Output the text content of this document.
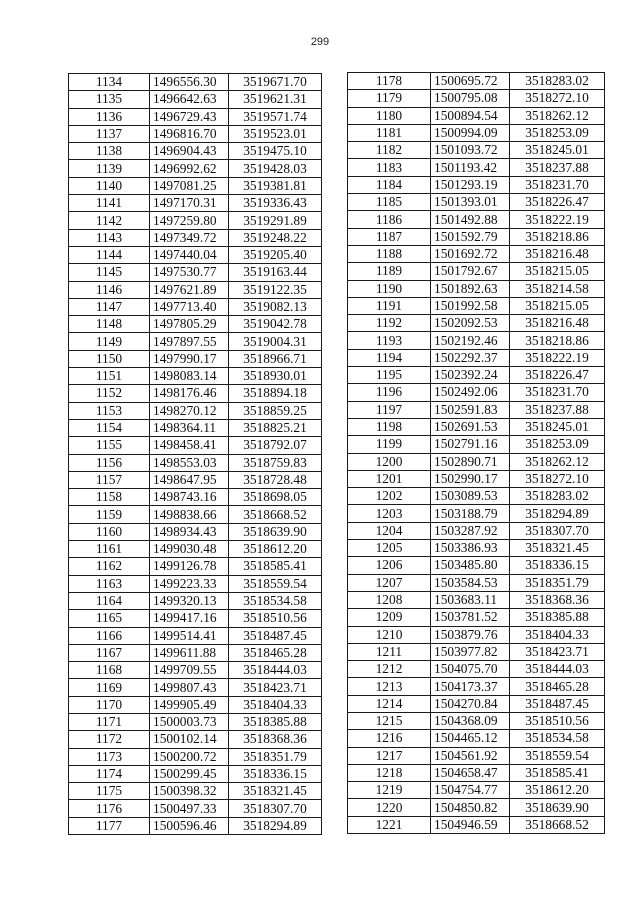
299
1134	1496556.30	3519671.70
1135	1496642.63	3519621.31
1136	1496729.43	3519571.74
1137	1496816.70	3519523.01
1138	1496904.43	3519475.10
1139	1496992.62	3519428.03
1140	1497081.25	3519381.81
1141	1497170.31	3519336.43
1142	1497259.80	3519291.89
1143	1497349.72	3519248.22
1144	1497440.04	3519205.40
1145	1497530.77	3519163.44
1146	1497621.89	3519122.35
1147	1497713.40	3519082.13
1148	1497805.29	3519042.78
1149	1497897.55	3519004.31
1150	1497990.17	3518966.71
1151	1498083.14	3518930.01
1152	1498176.46	3518894.18
1153	1498270.12	3518859.25
1154	1498364.11	3518825.21
1155	1498458.41	3518792.07
1156	1498553.03	3518759.83
1157	1498647.95	3518728.48
1158	1498743.16	3518698.05
1159	1498838.66	3518668.52
1160	1498934.43	3518639.90
1161	1499030.48	3518612.20
1162	1499126.78	3518585.41
1163	1499223.33	3518559.54
1164	1499320.13	3518534.58
1165	1499417.16	3518510.56
1166	1499514.41	3518487.45
1167	1499611.88	3518465.28
1168	1499709.55	3518444.03
1169	1499807.43	3518423.71
1170	1499905.49	3518404.33
1171	1500003.73	3518385.88
1172	1500102.14	3518368.36
1173	1500200.72	3518351.79
1174	1500299.45	3518336.15
1175	1500398.32	3518321.45
1176	1500497.33	3518307.70
1177	1500596.46	3518294.89
1178	1500695.72	3518283.02
1179	1500795.08	3518272.10
1180	1500894.54	3518262.12
1181	1500994.09	3518253.09
1182	1501093.72	3518245.01
1183	1501193.42	3518237.88
1184	1501293.19	3518231.70
1185	1501393.01	3518226.47
1186	1501492.88	3518222.19
1187	1501592.79	3518218.86
1188	1501692.72	3518216.48
1189	1501792.67	3518215.05
1190	1501892.63	3518214.58
1191	1501992.58	3518215.05
1192	1502092.53	3518216.48
1193	1502192.46	3518218.86
1194	1502292.37	3518222.19
1195	1502392.24	3518226.47
1196	1502492.06	3518231.70
1197	1502591.83	3518237.88
1198	1502691.53	3518245.01
1199	1502791.16	3518253.09
1200	1502890.71	3518262.12
1201	1502990.17	3518272.10
1202	1503089.53	3518283.02
1203	1503188.79	3518294.89
1204	1503287.92	3518307.70
1205	1503386.93	3518321.45
1206	1503485.80	3518336.15
1207	1503584.53	3518351.79
1208	1503683.11	3518368.36
1209	1503781.52	3518385.88
1210	1503879.76	3518404.33
1211	1503977.82	3518423.71
1212	1504075.70	3518444.03
1213	1504173.37	3518465.28
1214	1504270.84	3518487.45
1215	1504368.09	3518510.56
1216	1504465.12	3518534.58
1217	1504561.92	3518559.54
1218	1504658.47	3518585.41
1219	1504754.77	3518612.20
1220	1504850.82	3518639.90
1221	1504946.59	3518668.52
